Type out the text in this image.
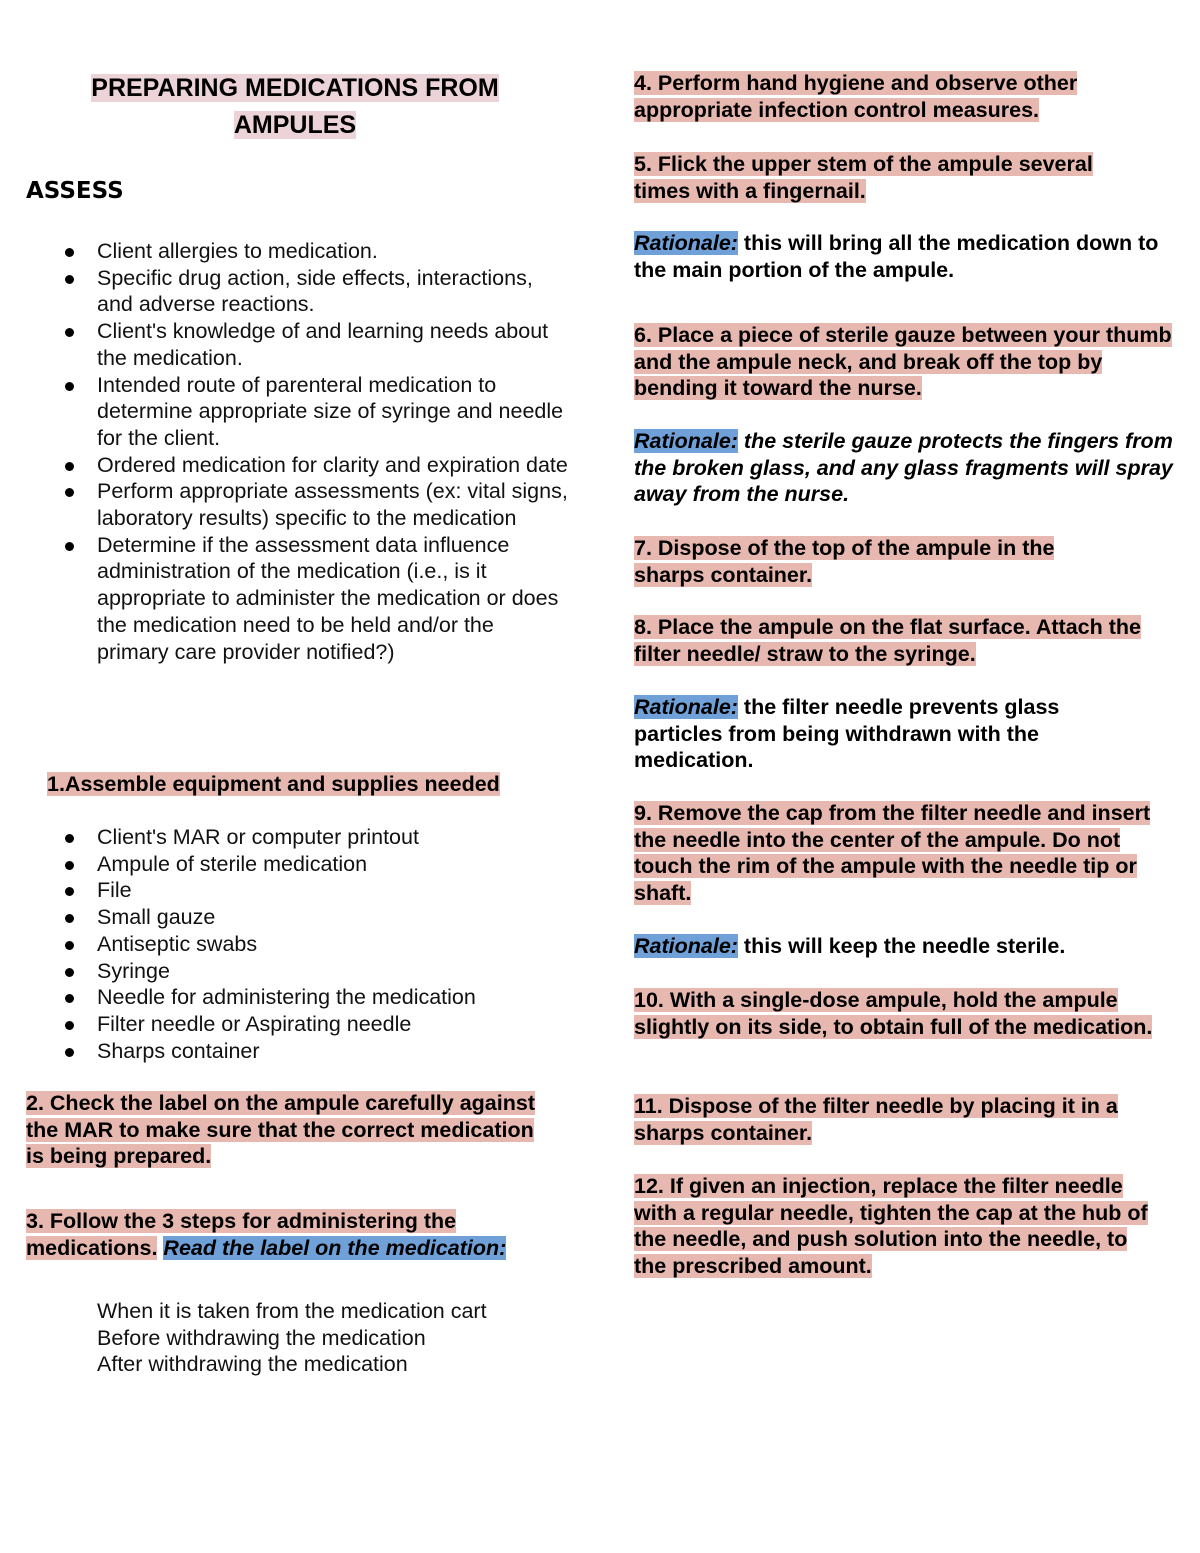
PREPARING MEDICATIONS FROM
AMPULES
ASSESS
Client allergies to medication.
Specific drug action, side effects, interactions, and adverse reactions.
Client's knowledge of and learning needs about the medication.
Intended route of parenteral medication to determine appropriate size of syringe and needle for the client.
Ordered medication for clarity and expiration date
Perform appropriate assessments (ex: vital signs, laboratory results) specific to the medication
Determine if the assessment data influence administration of the medication (i.e., is it appropriate to administer the medication or does the medication need to be held and/or the primary care provider notified?)
1.Assemble equipment and supplies needed
Client's MAR or computer printout
Ampule of sterile medication
File
Small gauze
Antiseptic swabs
Syringe
Needle for administering the medication
Filter needle or Aspirating needle
Sharps container
2. Check the label on the ampule carefully against the MAR to make sure that the correct medication is being prepared.
3. Follow the 3 steps for administering the medications. Read the label on the medication:
When it is taken from the medication cart
Before withdrawing the medication
After withdrawing the medication
4. Perform hand hygiene and observe other appropriate infection control measures.
5. Flick the upper stem of the ampule several times with a fingernail.
Rationale: this will bring all the medication down to the main portion of the ampule.
6. Place a piece of sterile gauze between your thumb and the ampule neck, and break off the top by bending it toward the nurse.
Rationale: the sterile gauze protects the fingers from the broken glass, and any glass fragments will spray away from the nurse.
7. Dispose of the top of the ampule in the sharps container.
8. Place the ampule on the flat surface. Attach the filter needle/ straw to the syringe.
Rationale: the filter needle prevents glass particles from being withdrawn with the medication.
9. Remove the cap from the filter needle and insert the needle into the center of the ampule. Do not touch the rim of the ampule with the needle tip or shaft.
Rationale: this will keep the needle sterile.
10. With a single-dose ampule, hold the ampule slightly on its side, to obtain full of the medication.
11. Dispose of the filter needle by placing it in a sharps container.
12. If given an injection, replace the filter needle with a regular needle, tighten the cap at the hub of the needle, and push solution into the needle, to the prescribed amount.
